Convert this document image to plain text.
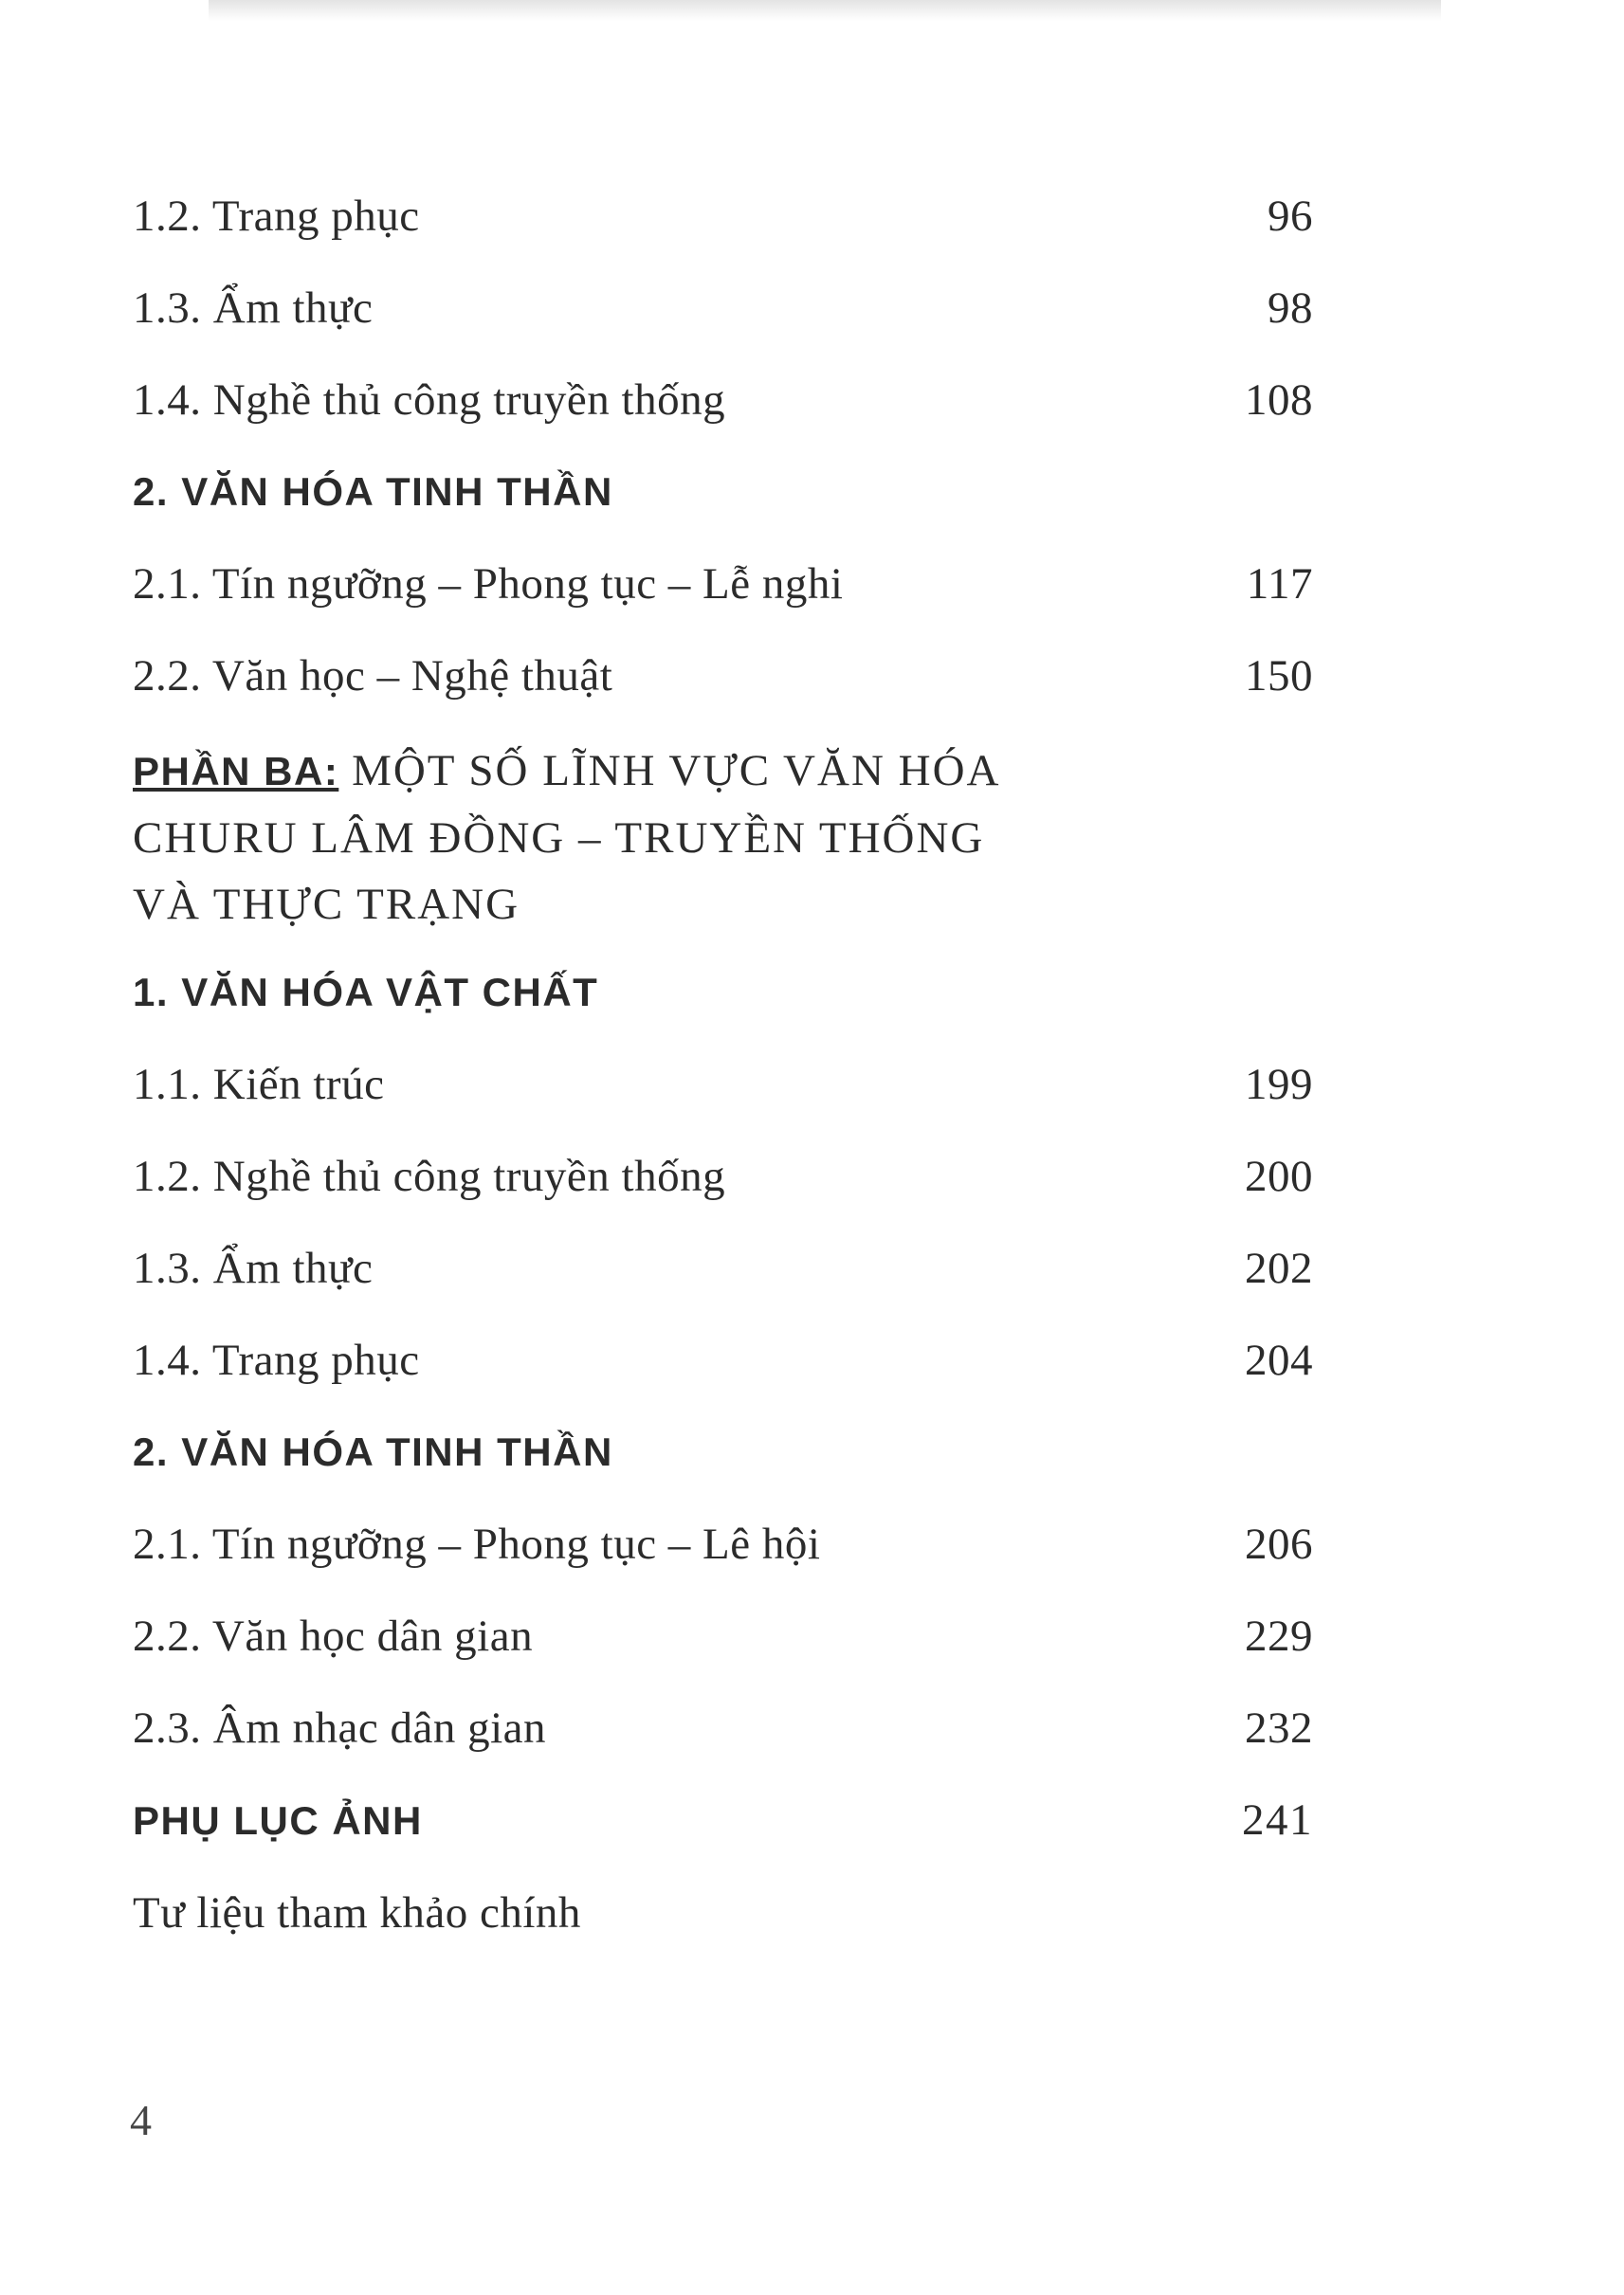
1.2. Trang phục	96
1.3. Ẩm thực	98
1.4. Nghề thủ công truyền thống	108
2. VĂN HÓA TINH THẦN
2.1. Tín ngưỡng – Phong tục – Lễ nghi	117
2.2. Văn học – Nghệ thuật	150
PHẦN BA: MỘT SỐ LĨNH VỰC VĂN HÓA
CHURU LÂM ĐỒNG – TRUYỀN THỐNG
VÀ THỰC TRẠNG
1. VĂN HÓA VẬT CHẤT
1.1. Kiến trúc	199
1.2. Nghề thủ công truyền thống	200
1.3. Ẩm thực	202
1.4. Trang phục	204
2. VĂN HÓA TINH THẦN
2.1. Tín ngưỡng – Phong tục – Lê hội	206
2.2. Văn học dân gian	229
2.3. Âm nhạc dân gian	232
PHỤ LỤC ẢNH	241
Tư liệu tham khảo chính
4
